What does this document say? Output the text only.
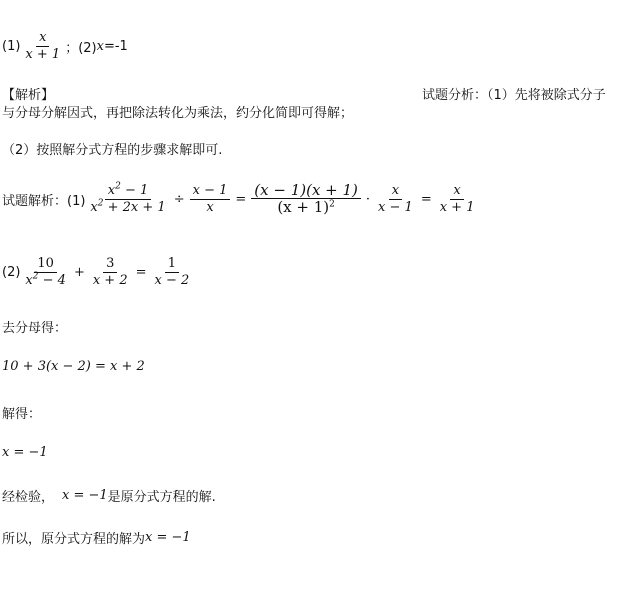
$(1) \frac{x}{x + 1}$ ；(2) x =-1
【解析】	试题分析：（1）先将被除式分子
与分母分解因式，再把除法转化为乘法，约分化简即可得解；
（2）按照解分式方程的步骤求解即可.
试题解析：$(1) \frac{x^2 - 1}{x^2 + 2x + 1} \div \frac{x - 1}{x} = \frac{(x - 1)(x + 1)}{(x + 1)^2} \cdot \frac{x}{x - 1} = \frac{x}{x + 1}$
$(2) \frac{10}{x^2 - 4} + \frac{3}{x + 2} = \frac{1}{x - 2}$
去分母得：
10 + 3(x − 2) = x + 2
解得：
x = −1
经检验， x = −1 是原分式方程的解.
所以，原分式方程的解为 x = −1
